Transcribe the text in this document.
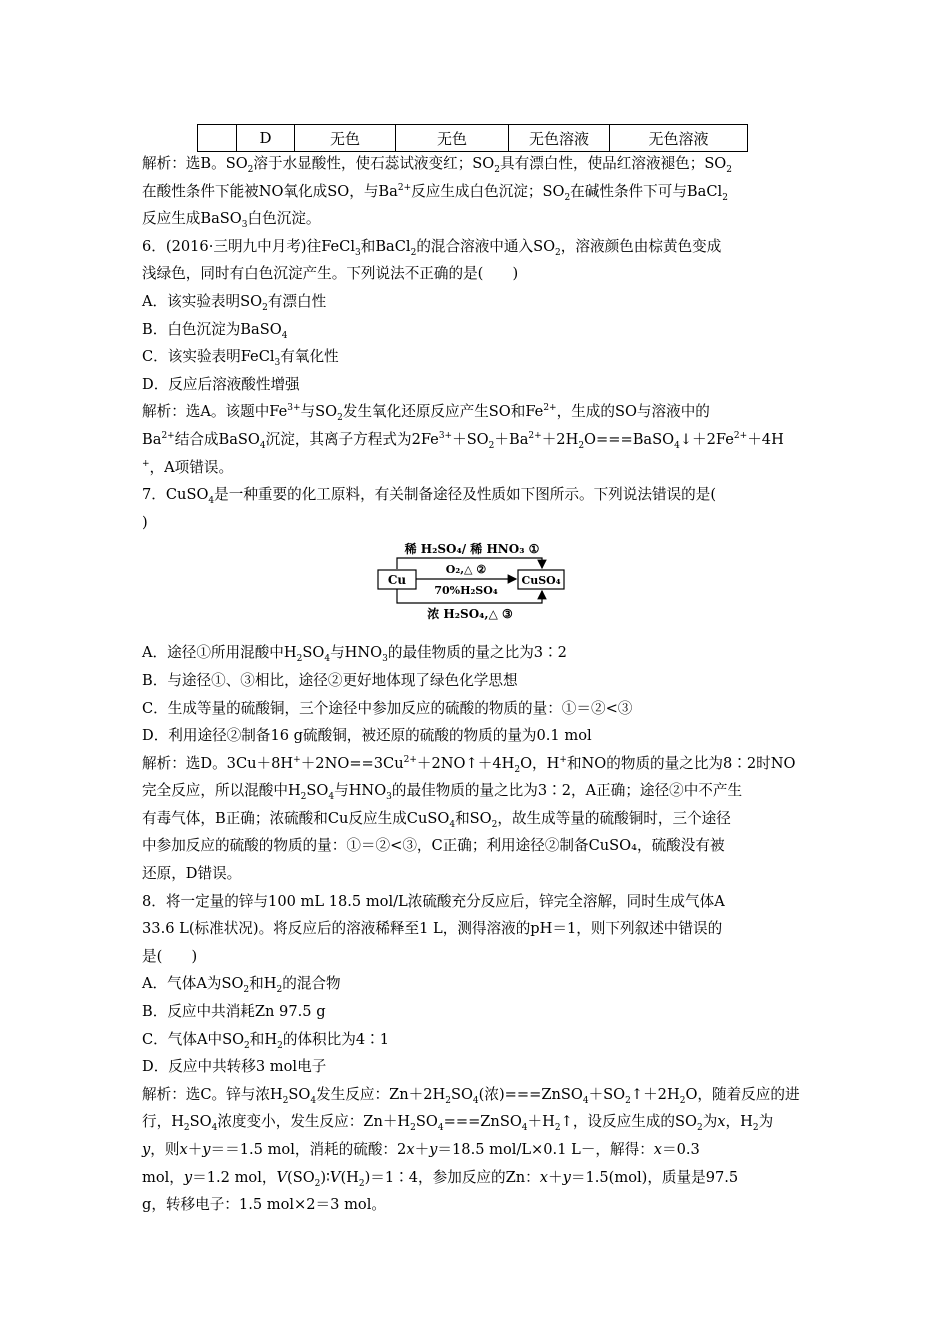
	D	无色	无色	无色溶液	无色溶液
解析：选B。$SO_2$溶于水显酸性，使石蕊试液变红；$SO_2$具有漂白性，使品红溶液褪色；$SO_2$
在酸性条件下能被NO氧化成SO，与$Ba^{2+}$反应生成白色沉淀；$SO_2$在碱性条件下可与BaCl$_2$
反应生成BaSO$_3$白色沉淀。
6．(2016·三明九中月考)往FeCl$_3$和BaCl$_2$的混合溶液中通入$SO_2$，溶液颜色由棕黄色变成
浅绿色，同时有白色沉淀产生。下列说法不正确的是(　　)
A．该实验表明$SO_2$有漂白性
B．白色沉淀为BaSO$_4$
C．该实验表明FeCl$_3$有氧化性
D．反应后溶液酸性增强
解析：选A。该题中$Fe^{3+}$与$SO_2$发生氧化还原反应产生SO和$Fe^{2+}$，生成的SO与溶液中的
$Ba^{2+}$结合成BaSO$_4$沉淀，其离子方程式为$2Fe^{3+}+SO_2+Ba^{2+}+2H_2O===BaSO_4↓+2Fe^{2+}+4H$
+，A项错误。
7．CuSO$_4$是一种重要的化工原料，有关制备途径及性质如下图所示。下列说法错误的是(
)
稀 H₂SO₄/ 稀 HNO₃ ①
Cu	CuSO₄
O₂,△ ②
70%H₂SO₄
浓 H₂SO₄,△ ③
A．途径①所用混酸中$H_2SO_4$与$HNO_3$的最佳物质的量之比为3∶2
B．与途径①、③相比，途径②更好地体现了绿色化学思想
C．生成等量的硫酸铜，三个途径中参加反应的硫酸的物质的量：①＝②<③
D．利用途径②制备16 g硫酸铜，被还原的硫酸的物质的量为0.1 mol
解析：选D。$3Cu+8H^++2NO==3Cu^{2+}+2NO↑+4H_2O$，H+和NO的物质的量之比为8∶2时NO
完全反应，所以混酸中$H_2SO_4$与$HNO_3$的最佳物质的量之比为3∶2，A正确；途径②中不产生
有毒气体，B正确；浓硫酸和Cu反应生成CuSO$_4$和$SO_2$，故生成等量的硫酸铜时，三个途径
中参加反应的硫酸的物质的量：①＝②<③，C正确；利用途径②制备CuSO₄，硫酸没有被
还原，D错误。
8．将一定量的锌与100 mL 18.5 mol/L浓硫酸充分反应后，锌完全溶解，同时生成气体A
33.6 L(标准状况)。将反应后的溶液稀释至1 L，测得溶液的pH＝1，则下列叙述中错误的
是(　　)
A．气体A为$SO_2$和$H_2$的混合物
B．反应中共消耗Zn 97.5 g
C．气体A中$SO_2$和$H_2$的体积比为4∶1
D．反应中共转移3 mol电子
解析：选C。锌与浓$H_2SO_4$发生反应：$Zn+2H_2SO_4$(浓)$===ZnSO_4+SO_2↑+2H_2O$，随着反应的进
行，$H_2SO_4$浓度变小，发生反应：$Zn+H_2SO_4===ZnSO_4+H_2↑$，设反应生成的$SO_2$为x，$H_2$为
y，则x＋y＝＝1.5 mol，消耗的硫酸：2x＋y＝18.5 mol/L×0.1 L－，解得：x＝0.3
mol，y＝1.2 mol，$V(SO_2)∶V(H_2)=1∶4$，参加反应的Zn：x＋y＝1.5(mol)，质量是97.5
g，转移电子：1.5 mol×2＝3 mol。
